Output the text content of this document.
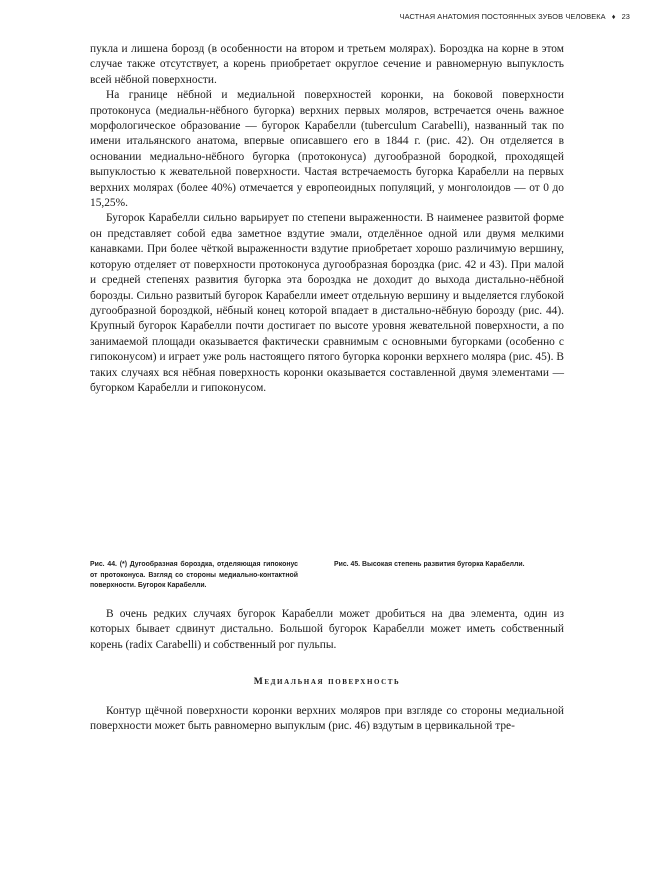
ЧАСТНАЯ АНАТОМИЯ ПОСТОЯННЫХ ЗУБОВ ЧЕЛОВЕКА ♦ 23

пукла и лишена борозд (в особенности на втором и третьем молярах). Бороздка на корне в этом случае также отсутствует, а корень приобретает округлое сечение и равномерную выпуклость всей нёбной поверхности.

На границе нёбной и медиальной поверхностей коронки, на боковой поверхности протоконуса (медиальн-нёбного бугорка) верхних первых моляров, встречается очень важное морфологическое образование — бугорок Карабелли (tuberculum Carabelli), названный так по имени итальянского анатома, впервые описавшего его в 1844 г. (рис. 42). Он отделяется в основании медиально-нёбного бугорка (протоконуса) дугообразной бородкой, проходящей выпуклостью к жевательной поверхности. Частая встречаемость бугорка Карабелли на первых верхних молярах (более 40%) отмечается у европеоидных популяций, у монголоидов — от 0 до 15,25%.

Бугорок Карабелли сильно варьирует по степени выраженности. В наименее развитой форме он представляет собой едва заметное вздутие эмали, отделённое одной или двумя мелкими канавками. При более чёткой выраженности вздутие приобретает хорошо различимую вершину, которую отделяет от поверхности протоконуса дугообразная бороздка (рис. 42 и 43). При малой и средней степенях развития бугорка эта бороздка не доходит до выхода дистально-нёбной борозды. Сильно развитый бугорок Карабелли имеет отдельную вершину и выделяется глубокой дугообразной бороздкой, нёбный конец которой впадает в дистально-нёбную борозду (рис. 44). Крупный бугорок Карабелли почти достигает по высоте уровня жевательной поверхности, а по занимаемой площади оказывается фактически сравнимым с основными бугорками (особенно с гипоконусом) и играет уже роль настоящего пятого бугорка коронки верхнего моляра (рис. 45). В таких случаях вся нёбная поверхность коронки оказывается составленной двумя элементами — бугорком Карабелли и гипоконусом.

Рис. 44. (*) Дугообразная бороздка, отделяющая гипоконус от протоконуса. Взгляд со стороны медиально-контактной поверхности. Бугорок Карабелли.
Рис. 45. Высокая степень развития бугорка Карабелли.

В очень редких случаях бугорок Карабелли может дробиться на два элемента, один из которых бывает сдвинут дистально. Большой бугорок Карабелли может иметь собственный корень (radix Carabelli) и собственный рог пульпы.

Медиальная поверхность

Контур щёчной поверхности коронки верхних моляров при взгляде со стороны медиальной поверхности может быть равномерно выпуклым (рис. 46) вздутым в цервикальной тре-
